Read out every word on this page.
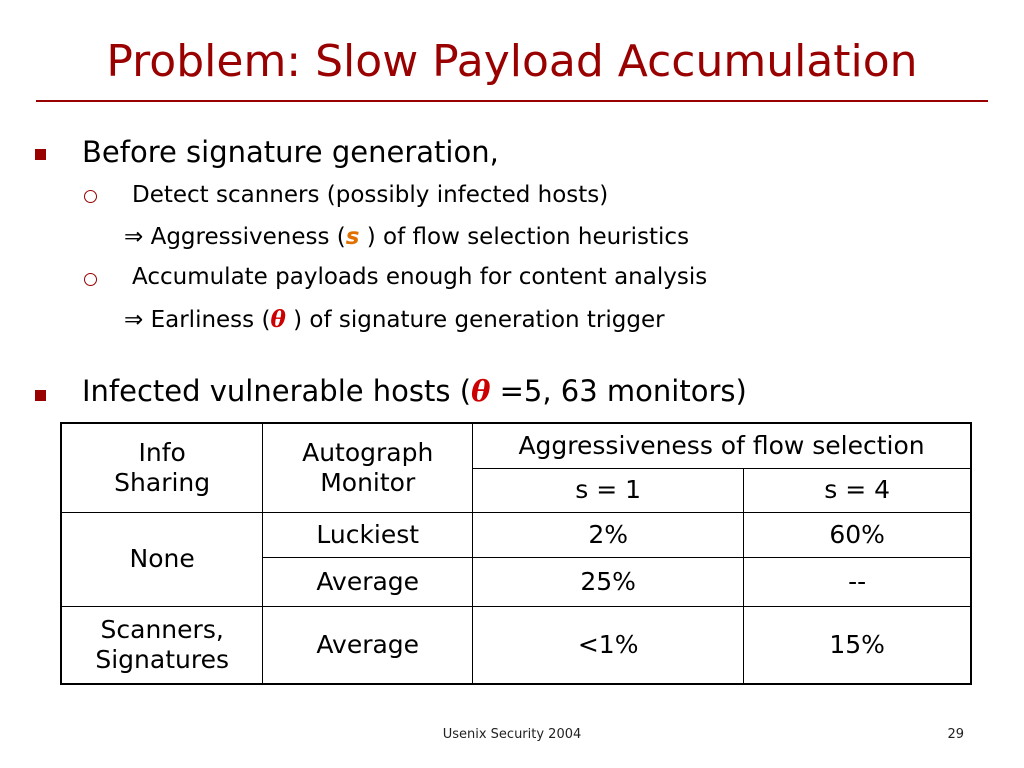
Problem: Slow Payload Accumulation
Before signature generation,
Detect scanners (possibly infected hosts)
⇒ Aggressiveness (s ) of flow selection heuristics
Accumulate payloads enough for content analysis
⇒ Earliness (θ ) of signature generation trigger
Infected vulnerable hosts (θ =5, 63 monitors)
Info Sharing	Autograph Monitor	Aggressiveness of flow selection	
		s = 1	s = 4
None	Luckiest	2%	60%
	Average	25%	--
Scanners, Signatures	Average	<1%	15%
Usenix Security 2004	29
